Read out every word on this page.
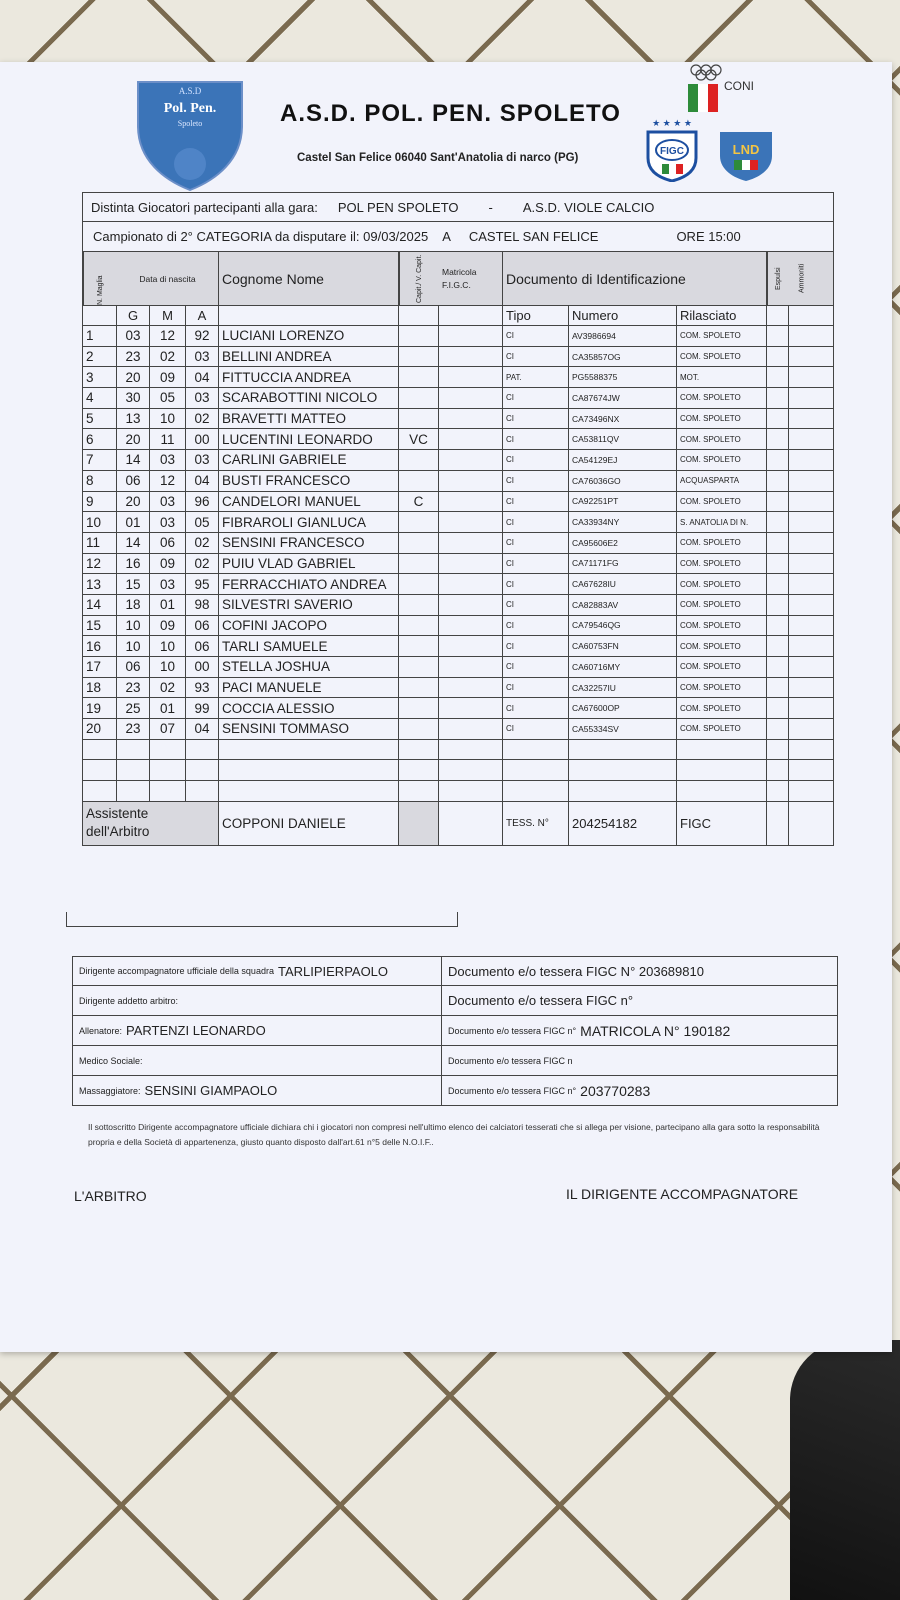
A.S.D
Pol. Pen.
Spoleto	A.S.D. POL. PEN. SPOLETO
Castel San Felice 06040 Sant'Anatolia di narco (PG)
CONI
★ ★ ★ ★
FIGC	LND
Distinta Giocatori partecipanti alla gara: POL PEN SPOLETO - A.S.D. VIOLE CALCIO
Campionato di 2° CATEGORIA da disputare il: 09/03/2025 A CASTEL SAN FELICE	ORE 15:00
N. Maglia	Data di nascita	Cognome Nome	Capit./ V. Capit.	Matricola F.I.G.C.	Documento di Identificazione	Espulsi	Ammoniti
G	M	A	Tipo	Numero	Rilasciato
1	03	12	92 LUCIANI LORENZO	CI	AV3986694	COM. SPOLETO
2	23	02	03 BELLINI ANDREA	CI	CA35857OG	COM. SPOLETO
3	20	09	04 FITTUCCIA ANDREA	PAT.	PG5588375	MOT.
4	30	05	03 SCARABOTTINI NICOLO	CI	CA87674JW	COM. SPOLETO
5	13	10	02 BRAVETTI MATTEO	CI	CA73496NX	COM. SPOLETO
6	20	11	00 LUCENTINI LEONARDO	VC	CI	CA53811QV	COM. SPOLETO
7	14	03	03 CARLINI GABRIELE	CI	CA54129EJ	COM. SPOLETO
8	06	12	04 BUSTI FRANCESCO	CI	CA76036GO	ACQUASPARTA
9	20	03	96 CANDELORI MANUEL	C	CI	CA92251PT	COM. SPOLETO
10	01	03	05 FIBRAROLI GIANLUCA	CI	CA33934NY	S. ANATOLIA DI N.
11	14	06	02 SENSINI FRANCESCO	CI	CA95606E2	COM. SPOLETO
12	16	09	02 PUIU VLAD GABRIEL	CI	CA71171FG	COM. SPOLETO
13	15	03	95 FERRACCHIATO ANDREA	CI	CA67628IU	COM. SPOLETO
14	18	01	98 SILVESTRI SAVERIO	CI	CA82883AV	COM. SPOLETO
15	10	09	06 COFINI JACOPO	CI	CA79546QG	COM. SPOLETO
16	10	10	06 TARLI SAMUELE	CI	CA60753FN	COM. SPOLETO
17	06	10	00 STELLA JOSHUA	CI	CA60716MY	COM. SPOLETO
18	23	02	93 PACI MANUELE	CI	CA32257IU	COM. SPOLETO
19	25	01	99 COCCIA ALESSIO	CI	CA67600OP	COM. SPOLETO
20	23	07	04 SENSINI TOMMASO	CI	CA55334SV	COM. SPOLETO
Assistente dell'Arbitro
COPPONI DANIELE	TESS. N°	204254182	FIGC
Dirigente accompagnatore ufficiale della squadra TARLIPIERPAOLO	Documento e/o tessera FIGC N° 203689810
Dirigente addetto arbitro:	Documento e/o tessera FIGC n°
Allenatore: PARTENZI LEONARDO	Documento e/o tessera FIGC n° MATRICOLA N° 190182
Medico Sociale:	Documento e/o tessera FIGC n
Massaggiatore: SENSINI GIAMPAOLO	Documento e/o tessera FIGC n° 203770283
Il sottoscritto Dirigente accompagnatore ufficiale dichiara chi i giocatori non compresi nell'ultimo elenco dei calciatori tesserati che si allega per visione, partecipano alla gara sotto la responsabilità propria e della Società di appartenenza, giusto quanto disposto dall'art.61 n°5 delle N.O.I.F..
L'ARBITRO	IL DIRIGENTE ACCOMPAGNATORE
